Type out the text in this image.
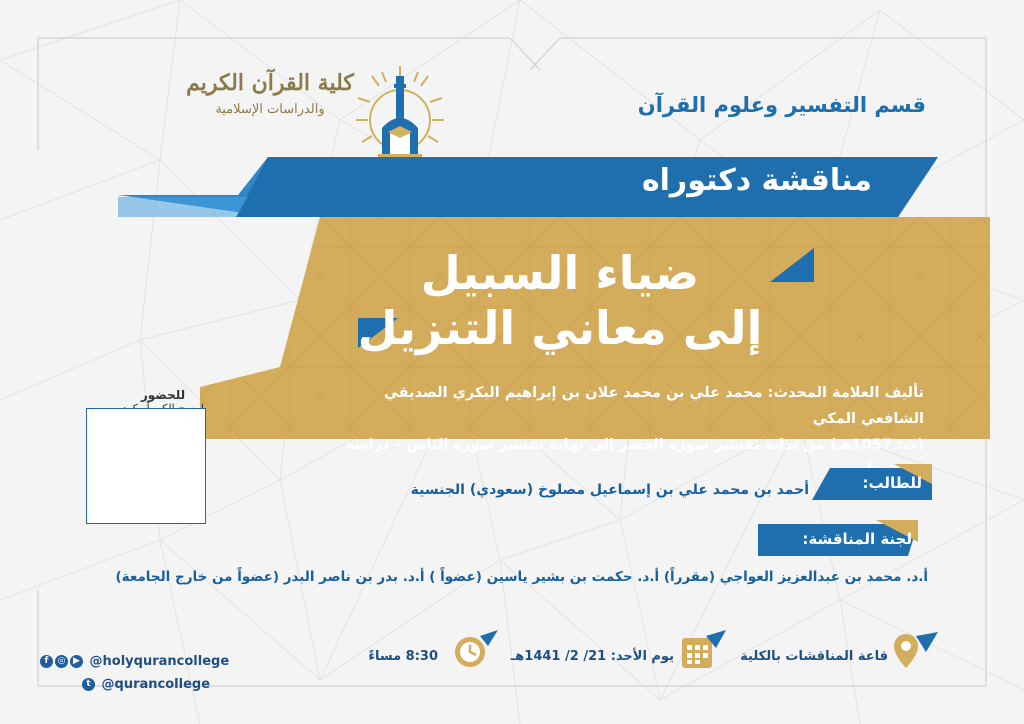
كلية القرآن الكريم
والدراسات الإسلامية	قسم التفسير وعلوم القرآن
مناقشة دكتوراه
ضياء السبيل
إلى معاني التنزيل
تأليف العلامة المحدث: محمد علي بن محمد علان بن إبراهيم البكري الصديقي الشافعي المكي
(ت: 1057هـ) من بداية تفسير سورة الحشر إلى نهاية تفسير سورة الناس – دراسة
للطالب:
أحمد بن محمد علي بن إسماعيل مصلوخ (سعودي) الجنسية
لجنة المناقشة:
أ.د. محمد بن عبدالعزيز العواجي (مقرراً) أ.د. حكمت بن بشير ياسين (عضواً ) أ.د. بدر بن ناصر البدر (عضواً من خارج الجامعة)
للحضور
قاعة المناقشات بالكلية
يوم الأحد: 21/ 2/ 1441هـ
8:30 مساءً
f ◎ ▶ @holyqurancollege
t @qurancollege
